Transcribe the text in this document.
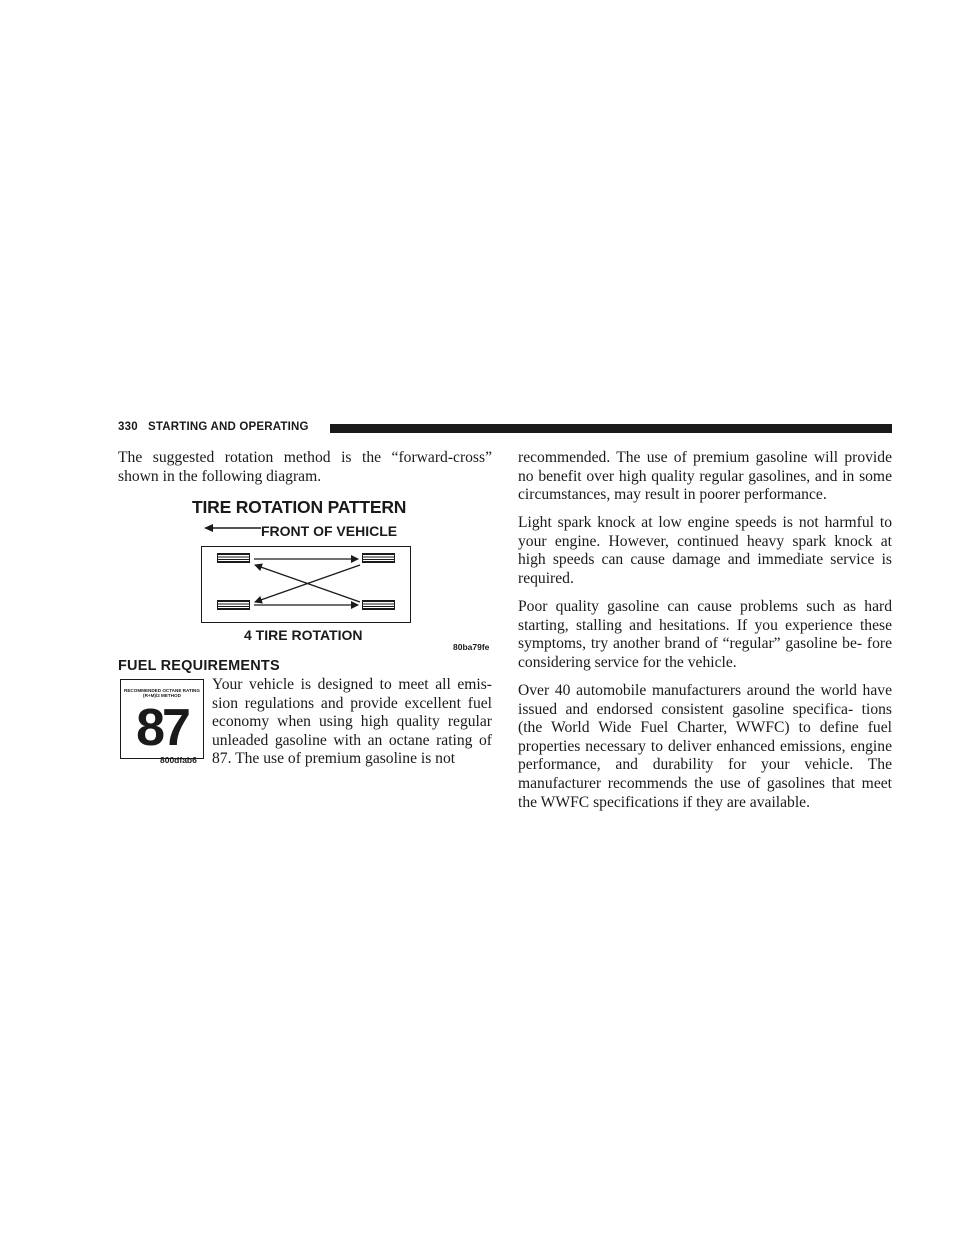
330 STARTING AND OPERATING

The suggested rotation method is the “forward-cross” shown in the following diagram.

TIRE ROTATION PATTERN
FRONT OF VEHICLE
4 TIRE ROTATION
80ba79fe
FUEL REQUIREMENTS
RECOMMENDED OCTANE RATING
(R+M)/2 METHOD
87
800dfab6

Your vehicle is designed to meet all emis- sion regulations and provide excellent fuel economy when using high quality regular unleaded gasoline with an octane rating of 87. The use of premium gasoline is not

recommended. The use of premium gasoline will provide no benefit over high quality regular gasolines, and in some circumstances, may result in poorer performance.

Light spark knock at low engine speeds is not harmful to your engine. However, continued heavy spark knock at high speeds can cause damage and immediate service is required.

Poor quality gasoline can cause problems such as hard starting, stalling and hesitations. If you experience these symptoms, try another brand of “regular” gasoline be- fore considering service for the vehicle.

Over 40 automobile manufacturers around the world have issued and endorsed consistent gasoline specifica- tions (the World Wide Fuel Charter, WWFC) to define fuel properties necessary to deliver enhanced emissions, engine performance, and durability for your vehicle. The manufacturer recommends the use of gasolines that meet the WWFC specifications if they are available.
